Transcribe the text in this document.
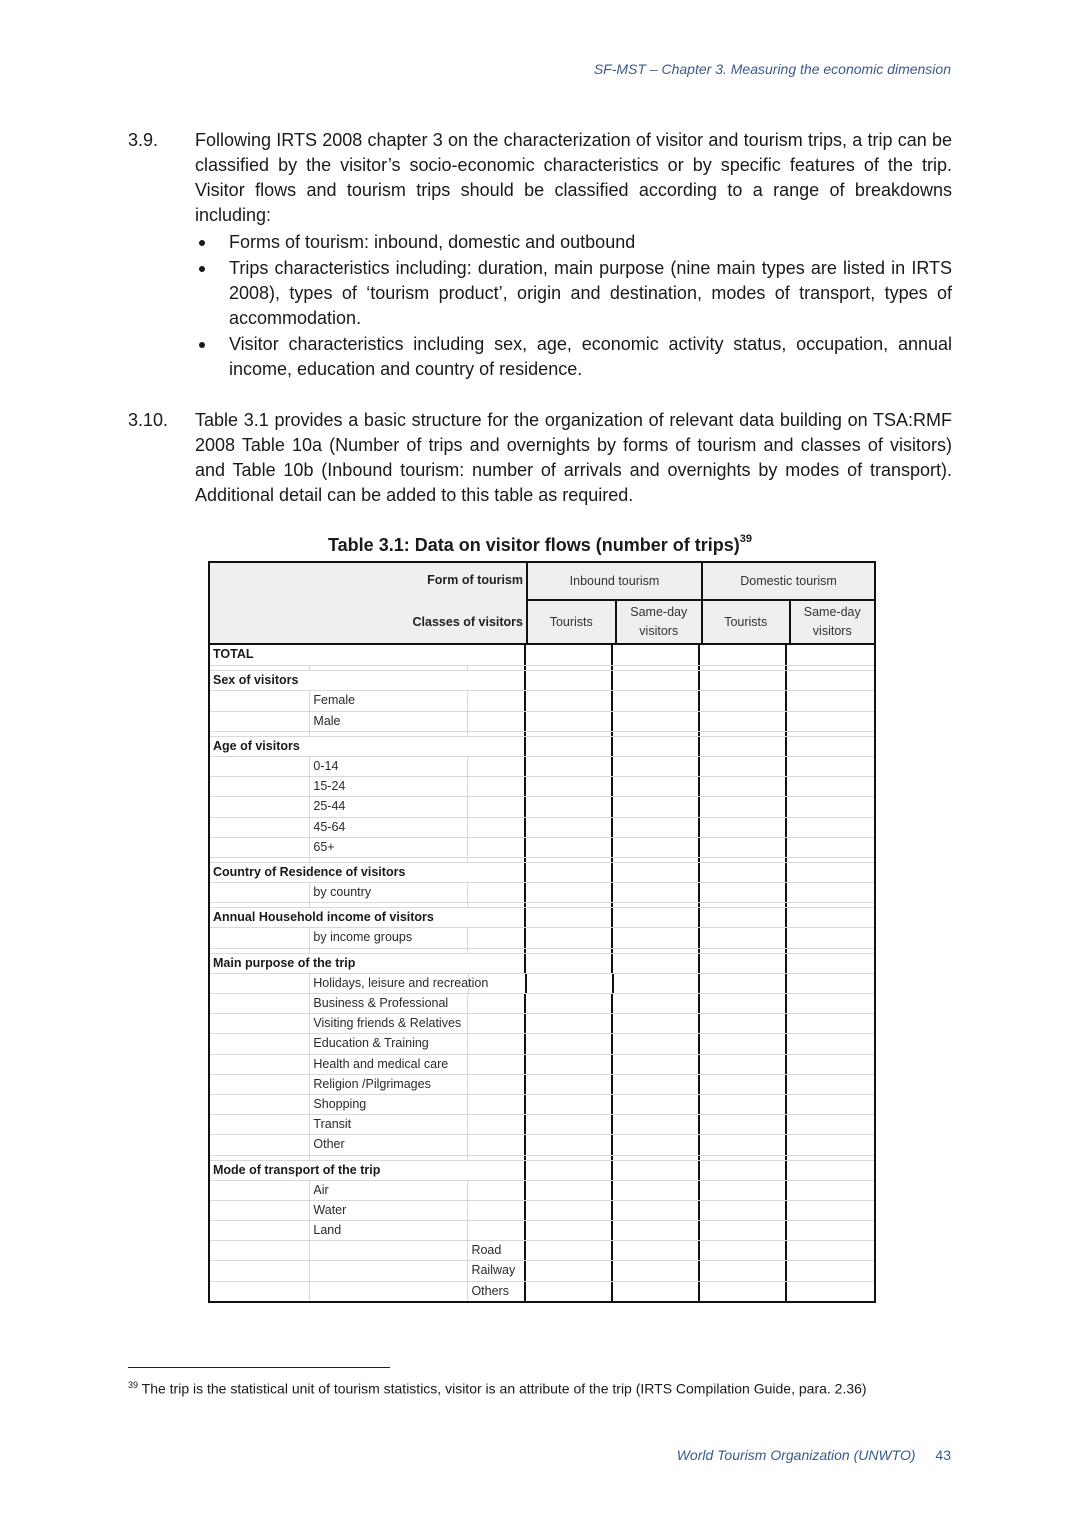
SF-MST – Chapter 3. Measuring the economic dimension
3.9. Following IRTS 2008 chapter 3 on the characterization of visitor and tourism trips, a trip can be classified by the visitor’s socio-economic characteristics or by specific features of the trip. Visitor flows and tourism trips should be classified according to a range of breakdowns including:
Forms of tourism: inbound, domestic and outbound
Trips characteristics including: duration, main purpose (nine main types are listed in IRTS 2008), types of ‘tourism product’, origin and destination, modes of transport, types of accommodation.
Visitor characteristics including sex, age, economic activity status, occupation, annual income, education and country of residence.
3.10. Table 3.1 provides a basic structure for the organization of relevant data building on TSA:RMF 2008 Table 10a (Number of trips and overnights by forms of tourism and classes of visitors) and Table 10b (Inbound tourism: number of arrivals and overnights by modes of transport). Additional detail can be added to this table as required.
Table 3.1: Data on visitor flows (number of trips)$^{39}$
Form of tourism
Classes of visitors
Inbound tourism
Tourists
Same-day visitors
Domestic tourism
Tourists
Same-day visitors
TOTAL
Sex of visitors
Female
Male
Age of visitors
0-14
15-24
25-44
45-64
65+
Country of Residence of visitors
by country
Annual Household income of visitors
by income groups
Main purpose of the trip
Holidays, leisure and recreation
Business & Professional
Visiting friends & Relatives
Education & Training
Health and medical care
Religion /Pilgrimages
Shopping
Transit
Other
Mode of transport of the trip
Air
Water
Land
Road
Railway
Others
$^{39}$ The trip is the statistical unit of tourism statistics, visitor is an attribute of the trip (IRTS Compilation Guide, para. 2.36)
World Tourism Organization (UNWTO) 43
